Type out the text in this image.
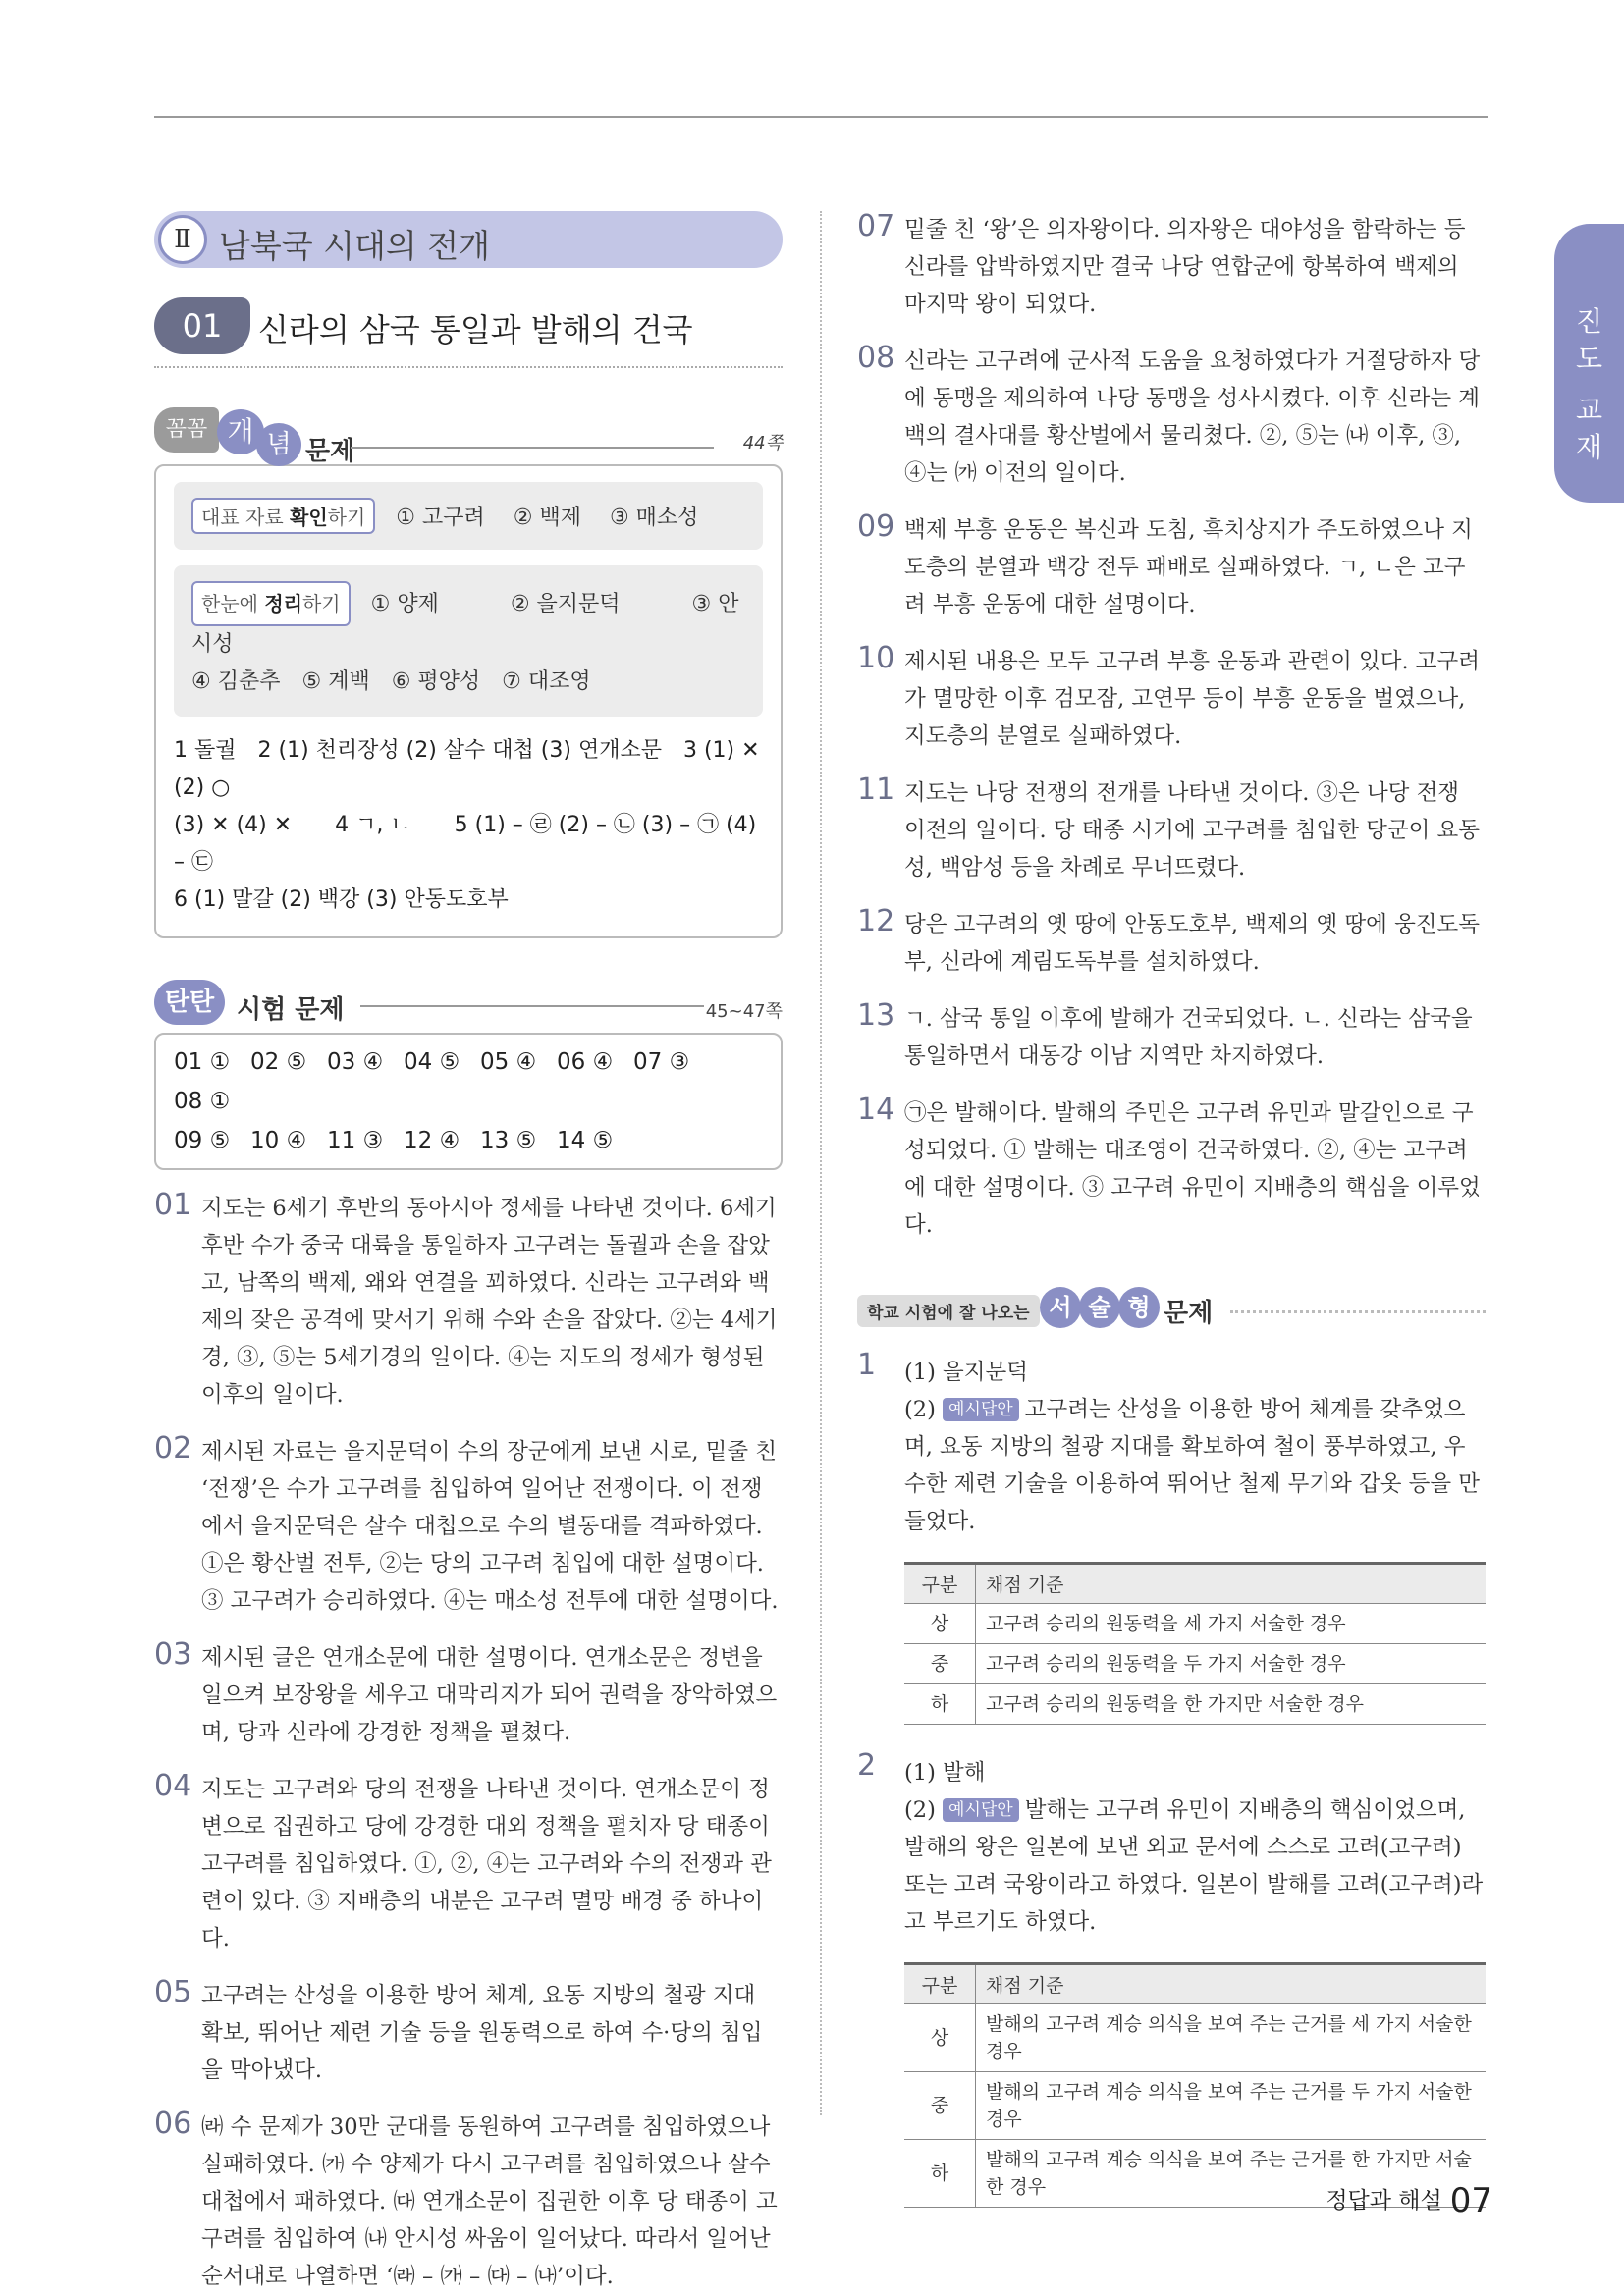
진
도
교
재
Ⅱ 남북국 시대의 전개
01	신라의 삼국 통일과 발해의 건국
꼼꼼 개 념 문제	44쪽
대표 자료 확인하기 ① 고구려　 ② 백제　 ③ 매소성
한눈에 정리하기 ① 양제　　　 ② 을지문덕　　　 ③ 안시성
④ 김춘추　⑤ 계백　⑥ 평양성　⑦ 대조영
1 돌궐　2 (1) 천리장성 (2) 살수 대첩 (3) 연개소문　3 (1) ✕ (2) ○
(3) ✕ (4) ✕　　4 ㄱ, ㄴ　　5 (1) – ㉣ (2) – ㉡ (3) – ㉠ (4) – ㉢
6 (1) 말갈 (2) 백강 (3) 안동도호부
탄탄 시험 문제	45~47쪽
01 ① 02 ⑤ 03 ④ 04 ⑤ 05 ④ 06 ④ 07 ③08 ①
09 ⑤ 10 ④ 11 ③ 12 ④ 13 ⑤ 14 ⑤
01 지도는 6세기 후반의 동아시아 정세를 나타낸 것이다. 6세기 후반 수가 중국 대륙을 통일하자 고구려는 돌궐과 손을 잡았고, 남쪽의 백제, 왜와 연결을 꾀하였다. 신라는 고구려와 백제의 잦은 공격에 맞서기 위해 수와 손을 잡았다. ②는 4세기경, ③, ⑤는 5세기경의 일이다. ④는 지도의 정세가 형성된 이후의 일이다.
02 제시된 자료는 을지문덕이 수의 장군에게 보낸 시로, 밑줄 친 ‘전쟁’은 수가 고구려를 침입하여 일어난 전쟁이다. 이 전쟁에서 을지문덕은 살수 대첩으로 수의 별동대를 격파하였다. ①은 황산벌 전투, ②는 당의 고구려 침입에 대한 설명이다. ③ 고구려가 승리하였다. ④는 매소성 전투에 대한 설명이다.
03 제시된 글은 연개소문에 대한 설명이다. 연개소문은 정변을 일으켜 보장왕을 세우고 대막리지가 되어 권력을 장악하였으며, 당과 신라에 강경한 정책을 펼쳤다.
04 지도는 고구려와 당의 전쟁을 나타낸 것이다. 연개소문이 정변으로 집권하고 당에 강경한 대외 정책을 펼치자 당 태종이 고구려를 침입하였다. ①, ②, ④는 고구려와 수의 전쟁과 관련이 있다. ③ 지배층의 내분은 고구려 멸망 배경 중 하나이다.
05 고구려는 산성을 이용한 방어 체계, 요동 지방의 철광 지대 확보, 뛰어난 제련 기술 등을 원동력으로 하여 수·당의 침입을 막아냈다.
06 ㈑ 수 문제가 30만 군대를 동원하여 고구려를 침입하였으나 실패하였다. ㈎ 수 양제가 다시 고구려를 침입하였으나 살수 대첩에서 패하였다. ㈐ 연개소문이 집권한 이후 당 태종이 고구려를 침입하여 ㈏ 안시성 싸움이 일어났다. 따라서 일어난 순서대로 나열하면 ‘㈑ – ㈎ – ㈐ – ㈏’이다.
07 밑줄 친 ‘왕’은 의자왕이다. 의자왕은 대야성을 함락하는 등 신라를 압박하였지만 결국 나당 연합군에 항복하여 백제의 마지막 왕이 되었다.
08 신라는 고구려에 군사적 도움을 요청하였다가 거절당하자 당에 동맹을 제의하여 나당 동맹을 성사시켰다. 이후 신라는 계백의 결사대를 황산벌에서 물리쳤다. ②, ⑤는 ㈏ 이후, ③, ④는 ㈎ 이전의 일이다.
09 백제 부흥 운동은 복신과 도침, 흑치상지가 주도하였으나 지도층의 분열과 백강 전투 패배로 실패하였다. ㄱ, ㄴ은 고구려 부흥 운동에 대한 설명이다.
10 제시된 내용은 모두 고구려 부흥 운동과 관련이 있다. 고구려가 멸망한 이후 검모잠, 고연무 등이 부흥 운동을 벌였으나, 지도층의 분열로 실패하였다.
11 지도는 나당 전쟁의 전개를 나타낸 것이다. ③은 나당 전쟁 이전의 일이다. 당 태종 시기에 고구려를 침입한 당군이 요동성, 백암성 등을 차례로 무너뜨렸다.
12 당은 고구려의 옛 땅에 안동도호부, 백제의 옛 땅에 웅진도독부, 신라에 계림도독부를 설치하였다.
13 ㄱ. 삼국 통일 이후에 발해가 건국되었다. ㄴ. 신라는 삼국을 통일하면서 대동강 이남 지역만 차지하였다.
14 ㉠은 발해이다. 발해의 주민은 고구려 유민과 말갈인으로 구성되었다. ① 발해는 대조영이 건국하였다. ②, ④는 고구려에 대한 설명이다. ③ 고구려 유민이 지배층의 핵심을 이루었다.
학교 시험에 잘 나오는 서 술 형 문제
1 (1) 을지문덕
(2) 예시답안 고구려는 산성을 이용한 방어 체계를 갖추었으며, 요동 지방의 철광 지대를 확보하여 철이 풍부하였고, 우수한 제련 기술을 이용하여 뛰어난 철제 무기와 갑옷 등을 만들었다.
구분	채점 기준
상	고구려 승리의 원동력을 세 가지 서술한 경우
중	고구려 승리의 원동력을 두 가지 서술한 경우
하	고구려 승리의 원동력을 한 가지만 서술한 경우
2 (1) 발해
(2) 예시답안 발해는 고구려 유민이 지배층의 핵심이었으며, 발해의 왕은 일본에 보낸 외교 문서에 스스로 고려(고구려) 또는 고려 국왕이라고 하였다. 일본이 발해를 고려(고구려)라고 부르기도 하였다.
구분	채점 기준
상	발해의 고구려 계승 의식을 보여 주는 근거를 세 가지 서술한 경우
중	발해의 고구려 계승 의식을 보여 주는 근거를 두 가지 서술한 경우
하	발해의 고구려 계승 의식을 보여 주는 근거를 한 가지만 서술한 경우
정답과 해설 07
